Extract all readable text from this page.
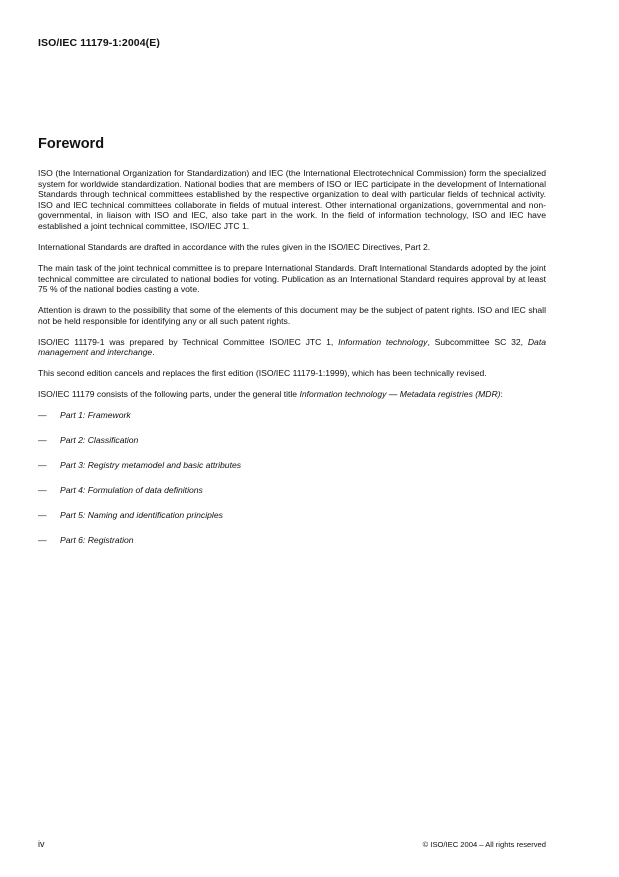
ISO/IEC 11179-1:2004(E)
Foreword

ISO (the International Organization for Standardization) and IEC (the International Electrotechnical Commission) form the specialized system for worldwide standardization. National bodies that are members of ISO or IEC participate in the development of International Standards through technical committees established by the respective organization to deal with particular fields of technical activity. ISO and IEC technical committees collaborate in fields of mutual interest. Other international organizations, governmental and non-governmental, in liaison with ISO and IEC, also take part in the work. In the field of information technology, ISO and IEC have established a joint technical committee, ISO/IEC JTC 1.

International Standards are drafted in accordance with the rules given in the ISO/IEC Directives, Part 2.

The main task of the joint technical committee is to prepare International Standards. Draft International Standards adopted by the joint technical committee are circulated to national bodies for voting. Publication as an International Standard requires approval by at least 75 % of the national bodies casting a vote.

Attention is drawn to the possibility that some of the elements of this document may be the subject of patent rights. ISO and IEC shall not be held responsible for identifying any or all such patent rights.

ISO/IEC 11179-1 was prepared by Technical Committee ISO/IEC JTC 1, Information technology, Subcommittee SC 32, Data management and interchange.

This second edition cancels and replaces the first edition (ISO/IEC 11179-1:1999), which has been technically revised.

ISO/IEC 11179 consists of the following parts, under the general title Information technology — Metadata registries (MDR):

—	Part 1: Framework
—	Part 2: Classification
—	Part 3: Registry metamodel and basic attributes
—	Part 4: Formulation of data definitions
—	Part 5: Naming and identification principles
—	Part 6: Registration
iv	© ISO/IEC 2004 – All rights reserved
